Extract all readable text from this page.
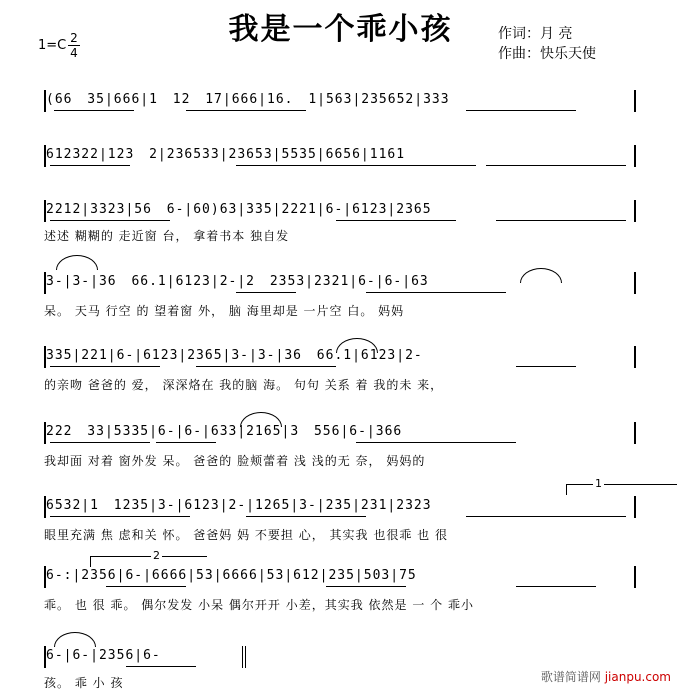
我是一个乖小孩
1=C 2
4
作词：月 亮
作曲：快乐天使
(66 35|666|1 12 17|666|16. 1|563|235652|333
612322|123 2|236533|23653|5535|6656|1161
2212|3323|56 6-|60)63|335|2221|6-|6123|2365
述述 糊糊的 走近窗 台， 拿着书本 独自发
3-|3-|36 66.1|6123|2-|2 2353|2321|6-|6-|63
呆。 天马 行空 的 望着窗 外， 脑 海里却是 一片空 白。 妈妈
335|221|6-|6123|2365|3-|3-|36 66.1|6123|2-
的亲吻 爸爸的 爱， 深深烙在 我的脑 海。 句句 关系 着 我的未 来，
222 33|5335|6-|6-|633|2165|3 556|6-|366
我却面 对着 窗外发 呆。 爸爸的 脸颊蕾着 浅 浅的无 奈， 妈妈的
1
6532|1 1235|3-|6123|2-|1265|3-|235|231|2323
眼里充满 焦 虑和关 怀。 爸爸妈 妈 不要担 心， 其实我 也很乖 也 很
2
6-:|2356|6-|6666|53|6666|53|612|235|503|75
乖。 也 很 乖。 偶尔发发 小呆 偶尔开开 小差，其实我 依然是 一 个 乖小
6-|6-|2356|6-
孩。 乖 小 孩	歌谱简谱网 jianpu.com
